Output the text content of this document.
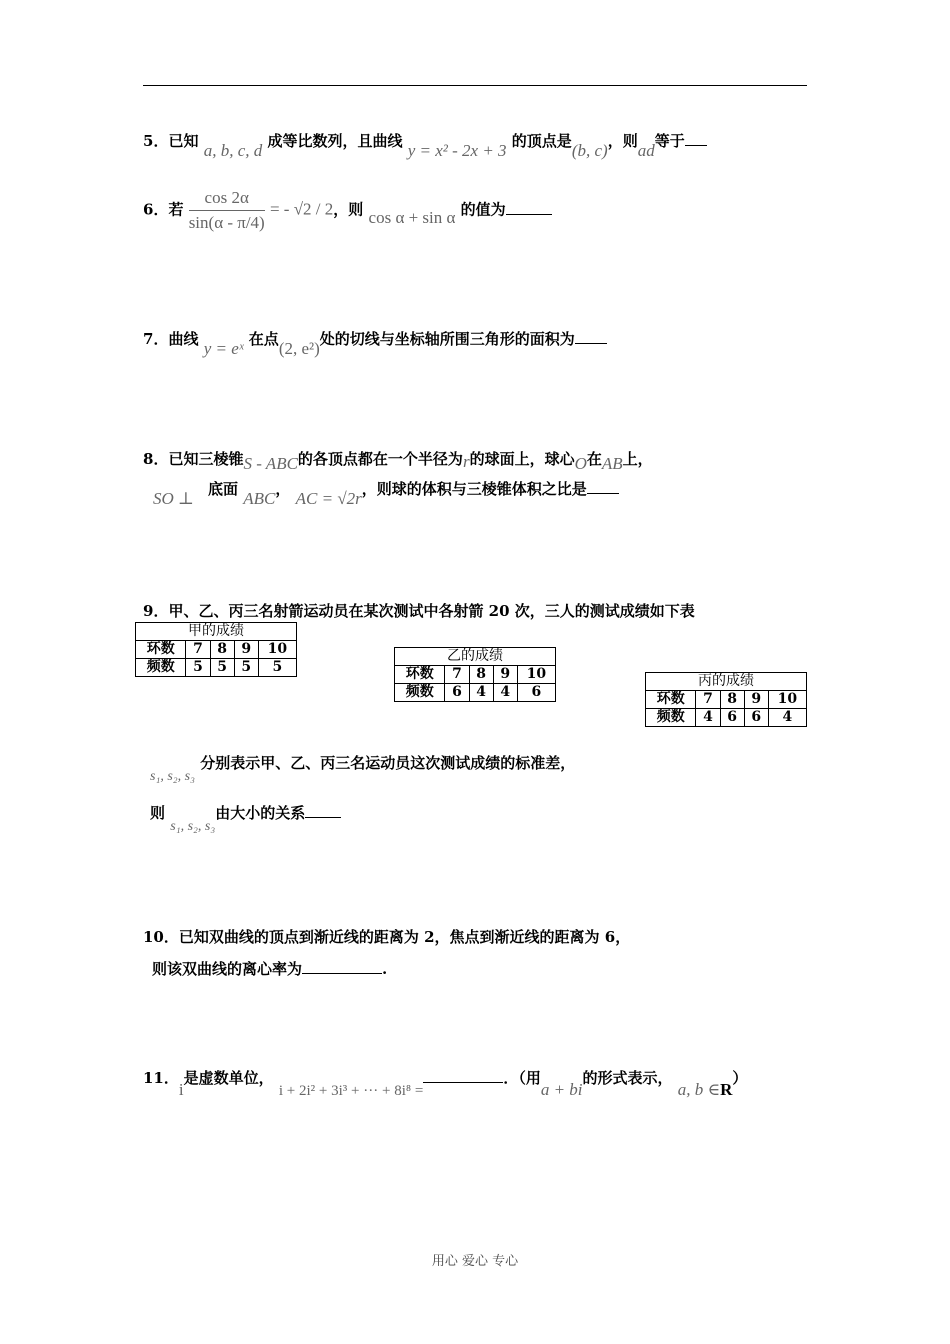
5．已知 a, b, c, d 成等比数列，且曲线 y = x² - 2x + 3 的顶点是(b, c)，则ad等于
6．若 $\frac{\cos 2\alpha}{\sin(\alpha - \pi/4)}$ = - √2 / 2，则 cos α + sin α 的值为
7．曲线 y = eˣ 在点(2, e²)处的切线与坐标轴所围三角形的面积为
8．已知三棱锥S - ABC的各顶点都在一个半径为r的球面上，球心O在AB上，
SO ⊥ 底面 ABC， AC = √2r，则球的体积与三棱锥体积之比是
9．甲、乙、丙三名射箭运动员在某次测试中各射箭 20 次，三人的测试成绩如下表
甲的成绩				
环数	7	8	9	10
频数	5	5	5	5
乙的成绩				
环数	7	8	9	10
频数	6	4	4	6
丙的成绩				
环数	7	8	9	10
频数	4	6	6	4
s₁, s₂, s₃ 分别表示甲、乙、丙三名运动员这次测试成绩的标准差，
则 s₁, s₂, s₃由大小的关系
10．已知双曲线的顶点到渐近线的距离为 2，焦点到渐近线的距离为 6，
则该双曲线的离心率为	.
11．i是虚数单位， i + 2i² + 3i³ + ··· + 8i⁸ =．（用a + bi的形式表示， a, b ∈R）
用心 爱心 专心
